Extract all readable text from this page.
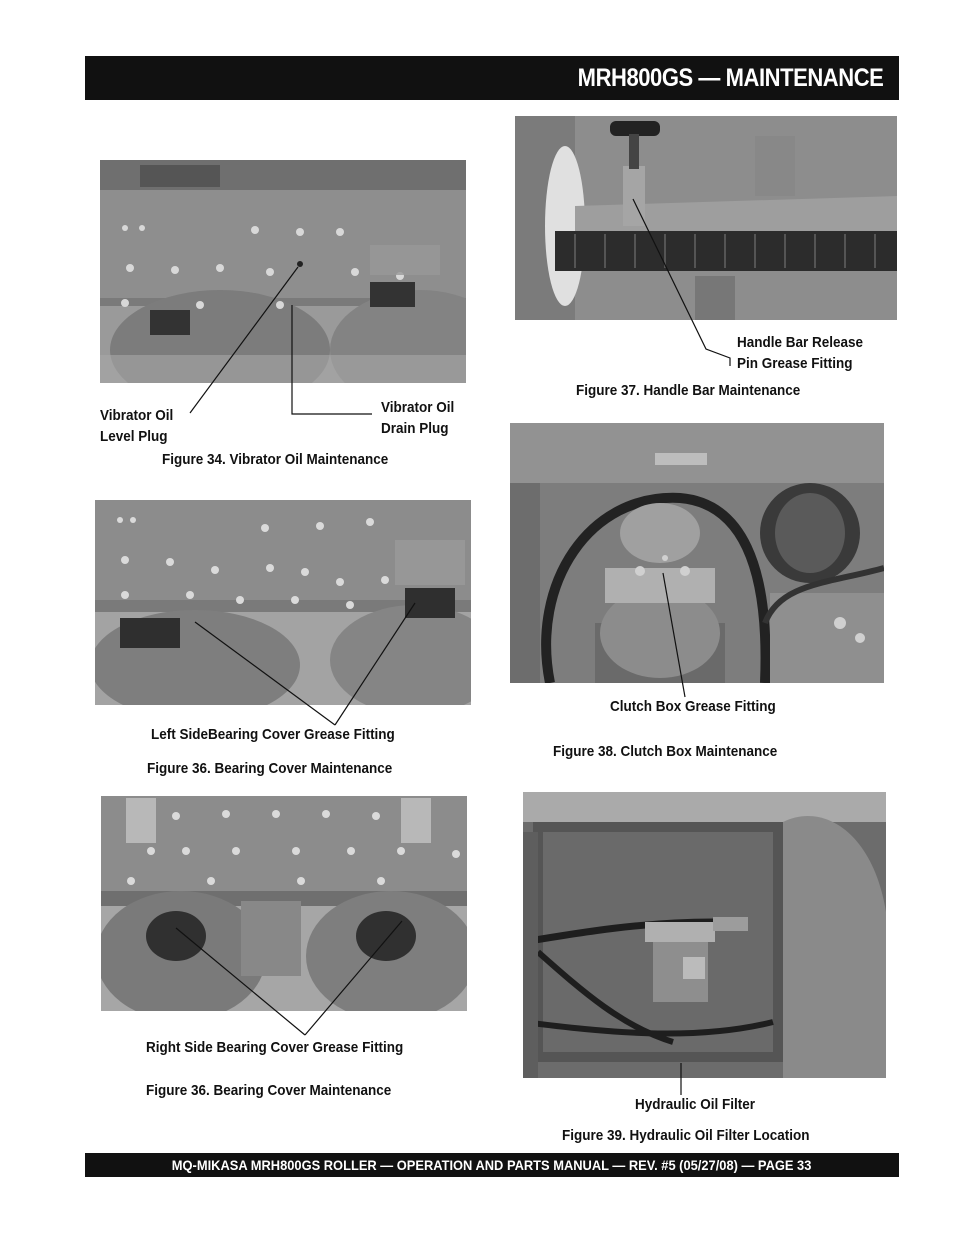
MRH800GS — MAINTENANCE
Vibrator Oil
Level Plug
Vibrator Oil
Drain Plug
Figure 34. Vibrator Oil Maintenance
Handle Bar Release
Pin Grease Fitting
Figure 37. Handle Bar Maintenance
Left SideBearing Cover Grease Fitting
Figure 36. Bearing Cover Maintenance
Clutch Box Grease Fitting
Figure 38. Clutch Box Maintenance
Right Side Bearing Cover Grease Fitting
Figure 36. Bearing Cover Maintenance
Hydraulic Oil Filter
Figure 39. Hydraulic Oil Filter Location
MQ-MIKASA MRH800GS ROLLER — OPERATION AND PARTS MANUAL — REV. #5 (05/27/08) — PAGE 33
